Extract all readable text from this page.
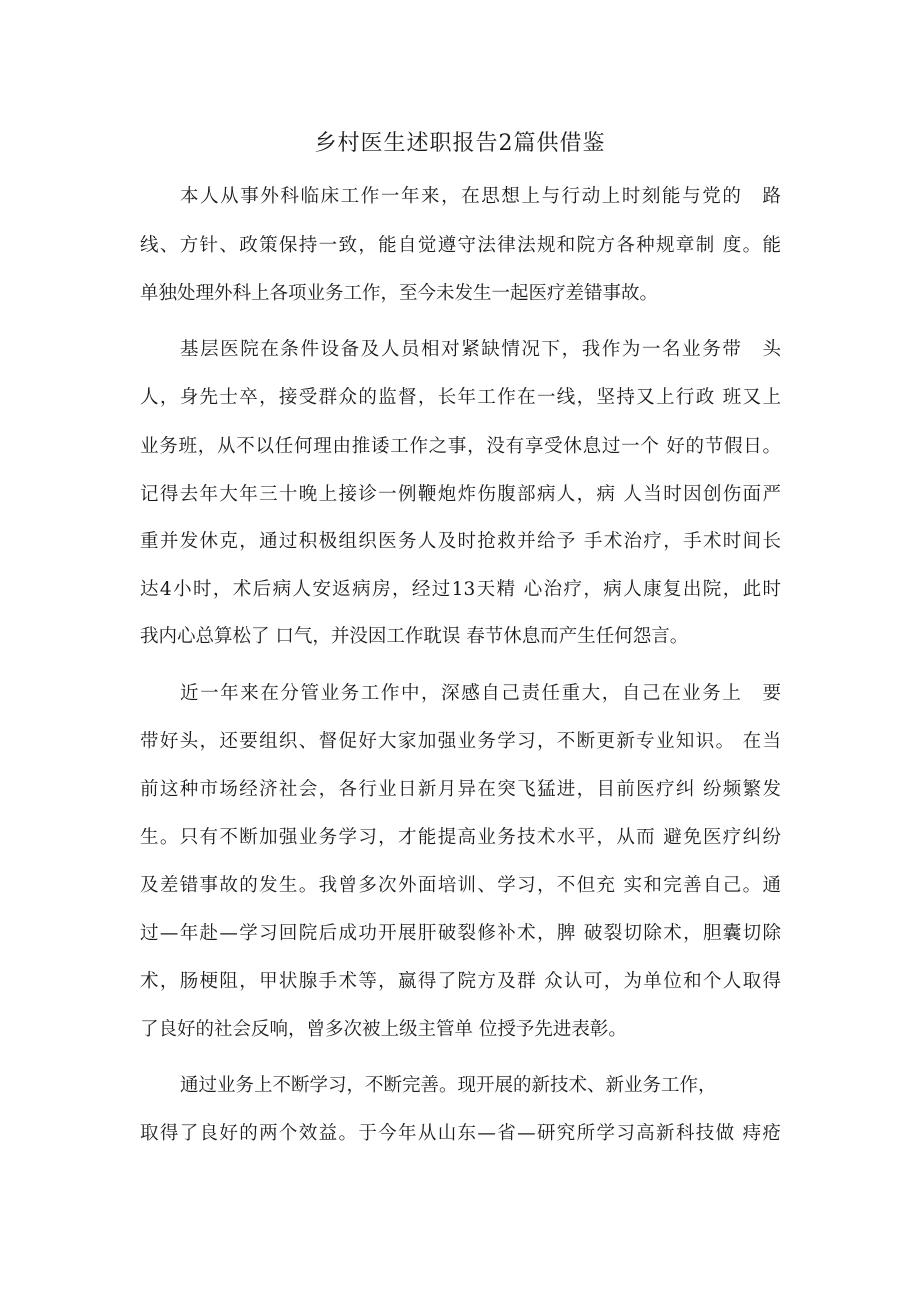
乡村医生述职报告2篇供借鉴
本人从事外科临床工作一年来，在思想上与行动上时刻能与党的　路
线、方针、政策保持一致，能自觉遵守法律法规和院方各种规章制 度。能
单独处理外科上各项业务工作，至今未发生一起医疗差错事故。
基层医院在条件设备及人员相对紧缺情况下，我作为一名业务带　头
人，身先士卒，接受群众的监督，长年工作在一线，坚持又上行政 班又上
业务班，从不以任何理由推诿工作之事，没有享受休息过一个 好的节假日。
记得去年大年三十晚上接诊一例鞭炮炸伤腹部病人，病 人当时因创伤面严
重并发休克，通过积极组织医务人及时抢救并给予 手术治疗，手术时间长
达4小时，术后病人安返病房，经过13天精 心治疗，病人康复出院，此时
我内心总算松了 口气，并没因工作耽误 春节休息而产生任何怨言。
近一年来在分管业务工作中，深感自己责任重大，自己在业务上　要
带好头，还要组织、督促好大家加强业务学习，不断更新专业知识。 在当
前这种市场经济社会，各行业日新月异在突飞猛进，目前医疗纠 纷频繁发
生。只有不断加强业务学习，才能提高业务技术水平，从而 避免医疗纠纷
及差错事故的发生。我曾多次外面培训、学习，不但充 实和完善自己。通
过—年赴—学习回院后成功开展肝破裂修补术，脾 破裂切除术，胆囊切除
术，肠梗阻，甲状腺手术等，嬴得了院方及群 众认可，为单位和个人取得
了良好的社会反响，曾多次被上级主管单 位授予先进表彰。
通过业务上不断学习，不断完善。现开展的新技术、新业务工作，
取得了良好的两个效益。于今年从山东—省—研究所学习高新科技做 痔疮
